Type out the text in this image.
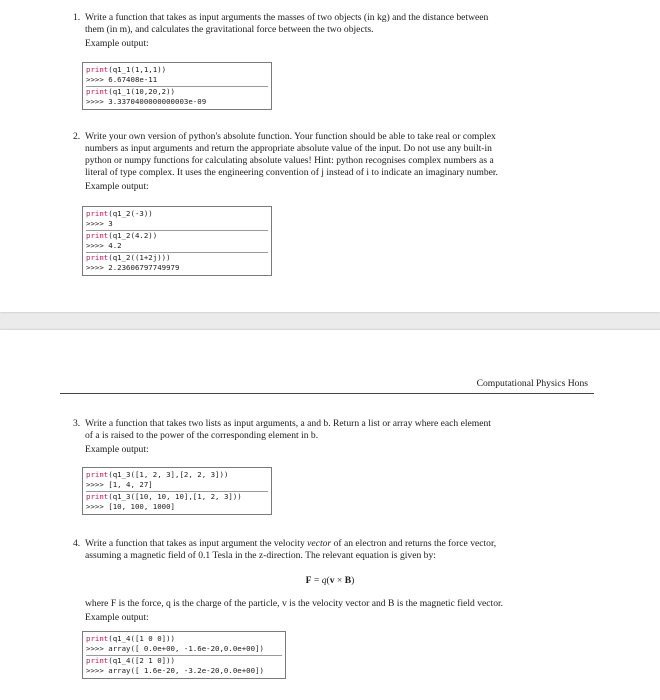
1. Write a function that takes as input arguments the masses of two objects (in kg) and the distance between

them (in m), and calculates the gravitational force between the two objects.

Example output:

print(q1_1(1,1,1))
>>>> 6.67408e-11
print(q1_1(10,20,2))
>>>> 3.3370400000000003e-09
2. Write your own version of python's absolute function. Your function should be able to take real or complex

numbers as input arguments and return the appropriate absolute value of the input. Do not use any built-in

python or numpy functions for calculating absolute values! Hint: python recognises complex numbers as a

literal of type complex. It uses the engineering convention of j instead of i to indicate an imaginary number.

Example output:

print(q1_2(-3))
>>>> 3
print(q1_2(4.2))
>>>> 4.2
print(q1_2((1+2j)))
>>>> 2.23606797749979
Computational Physics Hons
3. Write a function that takes two lists as input arguments, a and b. Return a list or array where each element

of a is raised to the power of the corresponding element in b.

Example output:

print(q1_3([1, 2, 3],[2, 2, 3]))
>>>> [1, 4, 27]
print(q1_3([10, 10, 10],[1, 2, 3]))
>>>> [10, 100, 1000]
4. Write a function that takes as input argument the velocity vector of an electron and returns the force vector,

assuming a magnetic field of 0.1 Tesla in the z-direction. The relevant equation is given by:

F = q(v × B)

where F is the force, q is the charge of the particle, v is the velocity vector and B is the magnetic field vector.

Example output:

print(q1_4([1 0 0]))
>>>> array([ 0.0e+00, -1.6e-20,0.0e+00])
print(q1_4([2 1 0]))
>>>> array([ 1.6e-20, -3.2e-20,0.0e+00])
